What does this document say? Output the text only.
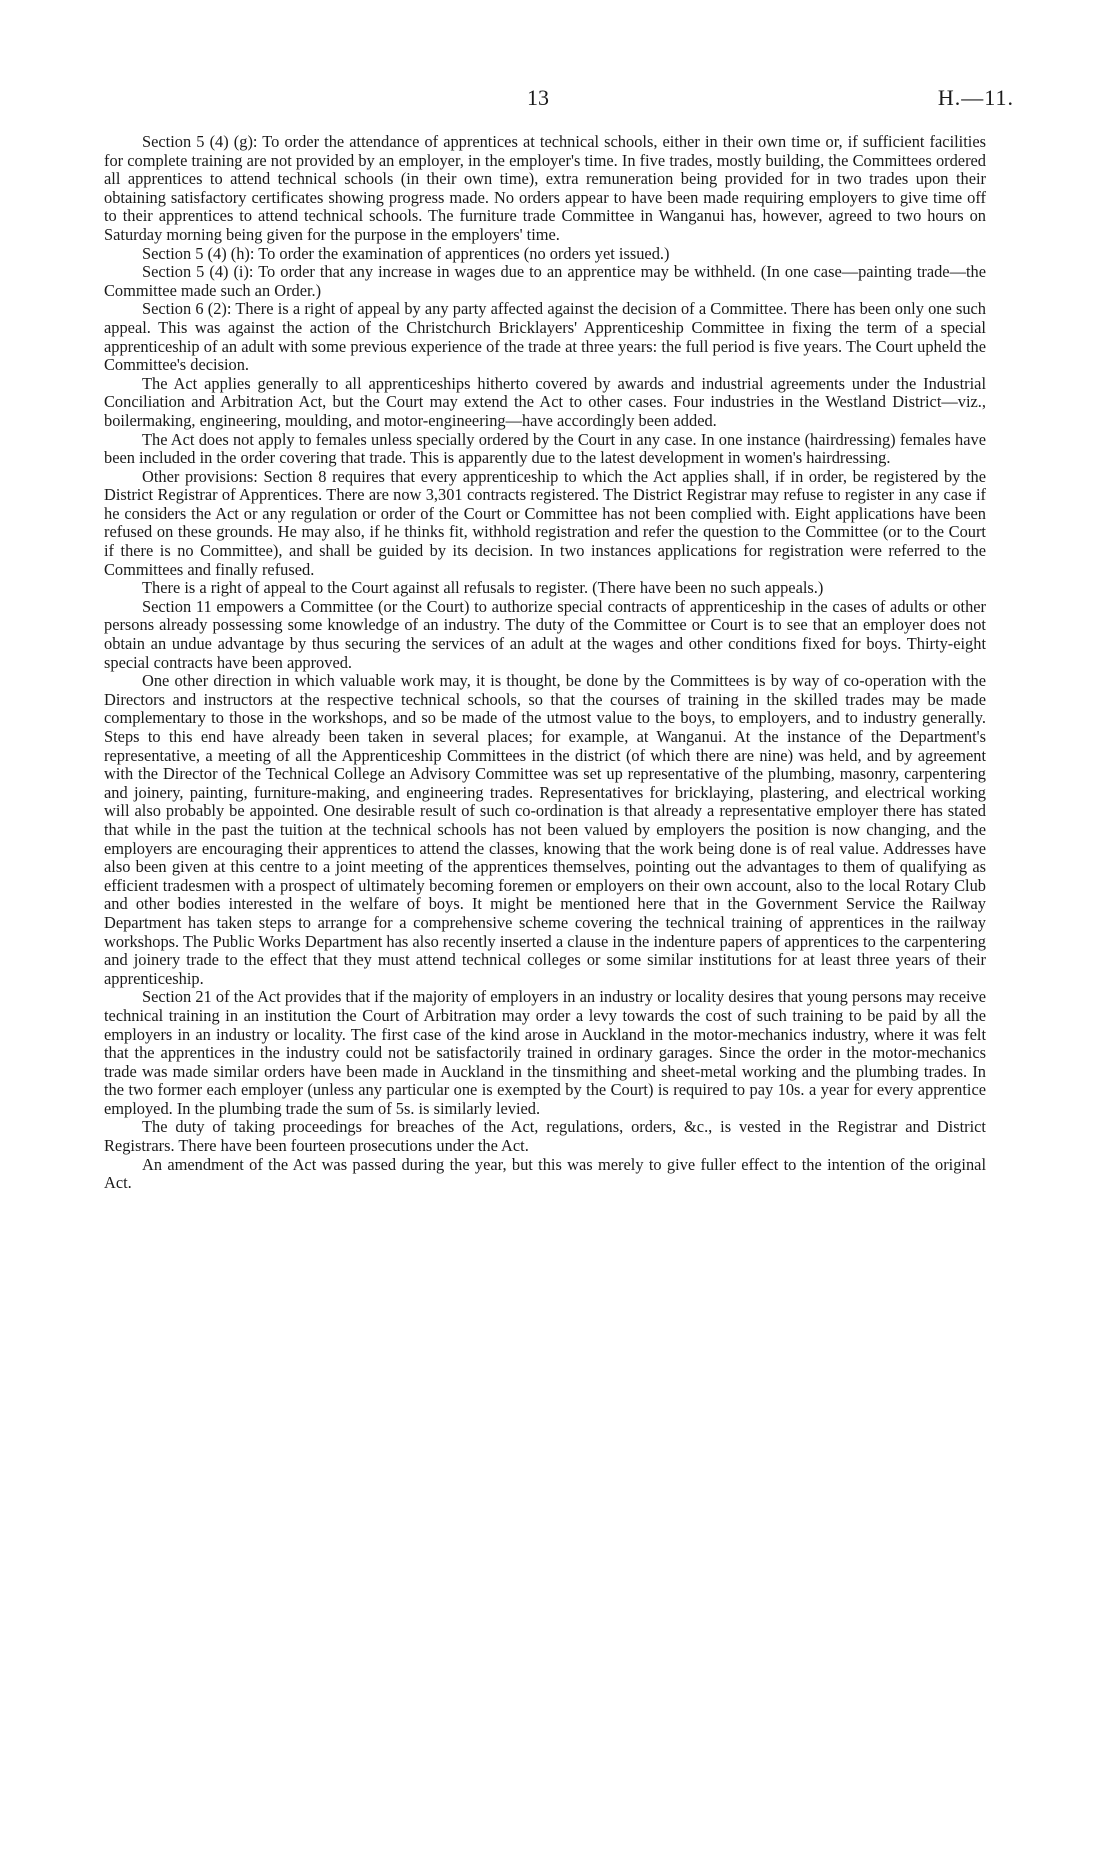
13	H.—11.

Section 5 (4) (g): To order the attendance of apprentices at technical schools, either in their own time or, if sufficient facilities for complete training are not provided by an employer, in the employer's time. In five trades, mostly building, the Committees ordered all apprentices to attend technical schools (in their own time), extra remuneration being provided for in two trades upon their obtaining satisfactory certificates showing progress made. No orders appear to have been made requiring employers to give time off to their apprentices to attend technical schools. The furniture trade Committee in Wanganui has, however, agreed to two hours on Saturday morning being given for the purpose in the employers' time.

Section 5 (4) (h): To order the examination of apprentices (no orders yet issued.)

Section 5 (4) (i): To order that any increase in wages due to an apprentice may be withheld. (In one case—painting trade—the Committee made such an Order.)

Section 6 (2): There is a right of appeal by any party affected against the decision of a Committee. There has been only one such appeal. This was against the action of the Christchurch Bricklayers' Apprenticeship Committee in fixing the term of a special apprenticeship of an adult with some previous experience of the trade at three years: the full period is five years. The Court upheld the Committee's decision.

The Act applies generally to all apprenticeships hitherto covered by awards and industrial agreements under the Industrial Conciliation and Arbitration Act, but the Court may extend the Act to other cases. Four industries in the Westland District—viz., boilermaking, engineering, moulding, and motor-engineering—have accordingly been added.

The Act does not apply to females unless specially ordered by the Court in any case. In one instance (hairdressing) females have been included in the order covering that trade. This is apparently due to the latest development in women's hairdressing.

Other provisions: Section 8 requires that every apprenticeship to which the Act applies shall, if in order, be registered by the District Registrar of Apprentices. There are now 3,301 contracts registered. The District Registrar may refuse to register in any case if he considers the Act or any regulation or order of the Court or Committee has not been complied with. Eight applications have been refused on these grounds. He may also, if he thinks fit, withhold registration and refer the question to the Committee (or to the Court if there is no Committee), and shall be guided by its decision. In two instances applications for registration were referred to the Committees and finally refused.

There is a right of appeal to the Court against all refusals to register. (There have been no such appeals.)

Section 11 empowers a Committee (or the Court) to authorize special contracts of apprenticeship in the cases of adults or other persons already possessing some knowledge of an industry. The duty of the Committee or Court is to see that an employer does not obtain an undue advantage by thus securing the services of an adult at the wages and other conditions fixed for boys. Thirty-eight special contracts have been approved.

One other direction in which valuable work may, it is thought, be done by the Committees is by way of co-operation with the Directors and instructors at the respective technical schools, so that the courses of training in the skilled trades may be made complementary to those in the workshops, and so be made of the utmost value to the boys, to employers, and to industry generally. Steps to this end have already been taken in several places; for example, at Wanganui. At the instance of the Department's representative, a meeting of all the Apprenticeship Committees in the district (of which there are nine) was held, and by agreement with the Director of the Technical College an Advisory Committee was set up representative of the plumbing, masonry, carpentering and joinery, painting, furniture-making, and engineering trades. Representatives for bricklaying, plastering, and electrical working will also probably be appointed. One desirable result of such co-ordination is that already a representative employer there has stated that while in the past the tuition at the technical schools has not been valued by employers the position is now changing, and the employers are encouraging their apprentices to attend the classes, knowing that the work being done is of real value. Addresses have also been given at this centre to a joint meeting of the apprentices themselves, pointing out the advantages to them of qualifying as efficient tradesmen with a prospect of ultimately becoming foremen or employers on their own account, also to the local Rotary Club and other bodies interested in the welfare of boys. It might be mentioned here that in the Government Service the Railway Department has taken steps to arrange for a comprehensive scheme covering the technical training of apprentices in the railway workshops. The Public Works Department has also recently inserted a clause in the indenture papers of apprentices to the carpentering and joinery trade to the effect that they must attend technical colleges or some similar institutions for at least three years of their apprenticeship.

Section 21 of the Act provides that if the majority of employers in an industry or locality desires that young persons may receive technical training in an institution the Court of Arbitration may order a levy towards the cost of such training to be paid by all the employers in an industry or locality. The first case of the kind arose in Auckland in the motor-mechanics industry, where it was felt that the apprentices in the industry could not be satisfactorily trained in ordinary garages. Since the order in the motor-mechanics trade was made similar orders have been made in Auckland in the tinsmithing and sheet-metal working and the plumbing trades. In the two former each employer (unless any particular one is exempted by the Court) is required to pay 10s. a year for every apprentice employed. In the plumbing trade the sum of 5s. is similarly levied.

The duty of taking proceedings for breaches of the Act, regulations, orders, &c., is vested in the Registrar and District Registrars. There have been fourteen prosecutions under the Act.

An amendment of the Act was passed during the year, but this was merely to give fuller effect to the intention of the original Act.
